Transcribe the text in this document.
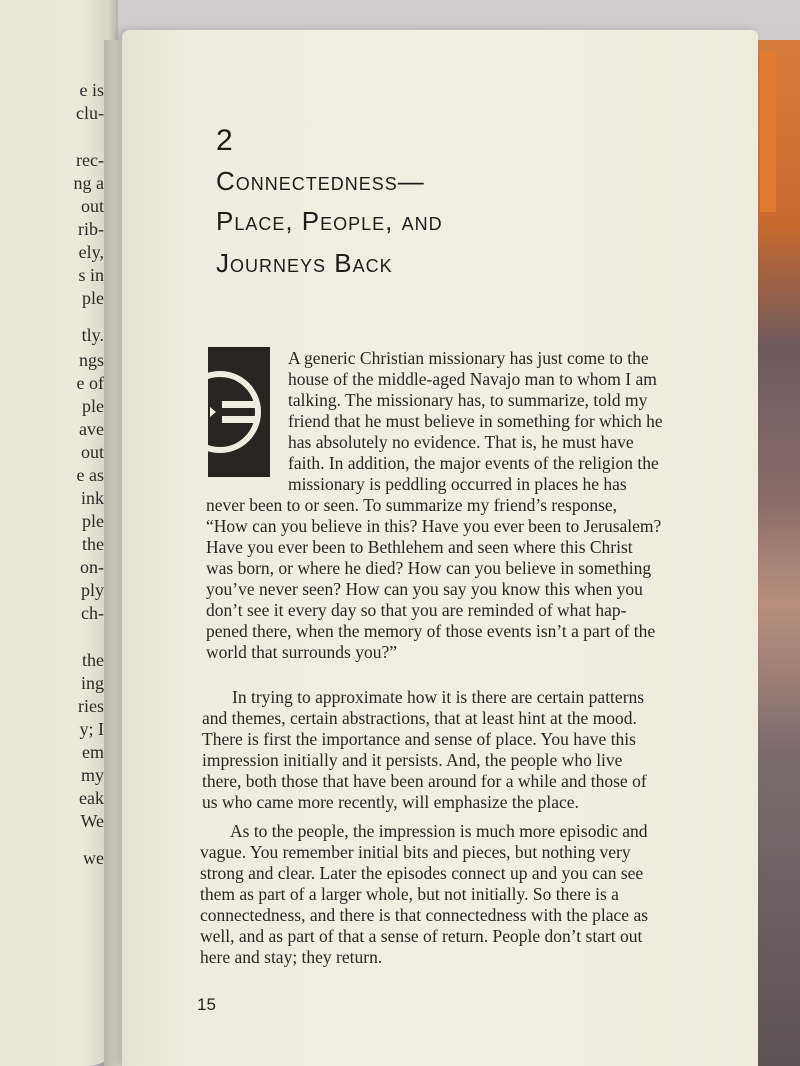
e is
clu-
rec-
ng a
out
rib-
ely,
s in
ple
tly.
ngs
e of
ple
ave
out
e as
ink
ple
the
on-
ply
ch-
the
ing
ries
y; I
em
my
eak
We
we
2
Connectedness—
Place, People, and
Journeys Back
A generic Christian missionary has just come to the
house of the middle-aged Navajo man to whom I am
talking. The missionary has, to summarize, told my
friend that he must believe in something for which he
has absolutely no evidence. That is, he must have
faith. In addition, the major events of the religion the
missionary is peddling occurred in places he has
never been to or seen. To summarize my friend’s response,
“How can you believe in this? Have you ever been to Jerusalem?
Have you ever been to Bethlehem and seen where this Christ
was born, or where he died? How can you believe in something
you’ve never seen? How can you say you know this when you
don’t see it every day so that you are reminded of what hap-
pened there, when the memory of those events isn’t a part of the
world that surrounds you?”
In trying to approximate how it is there are certain patterns
and themes, certain abstractions, that at least hint at the mood.
There is first the importance and sense of place. You have this
impression initially and it persists. And, the people who live
there, both those that have been around for a while and those of
us who came more recently, will emphasize the place.
As to the people, the impression is much more episodic and
vague. You remember initial bits and pieces, but nothing very
strong and clear. Later the episodes connect up and you can see
them as part of a larger whole, but not initially. So there is a
connectedness, and there is that connectedness with the place as
well, and as part of that a sense of return. People don’t start out
here and stay; they return.
15
